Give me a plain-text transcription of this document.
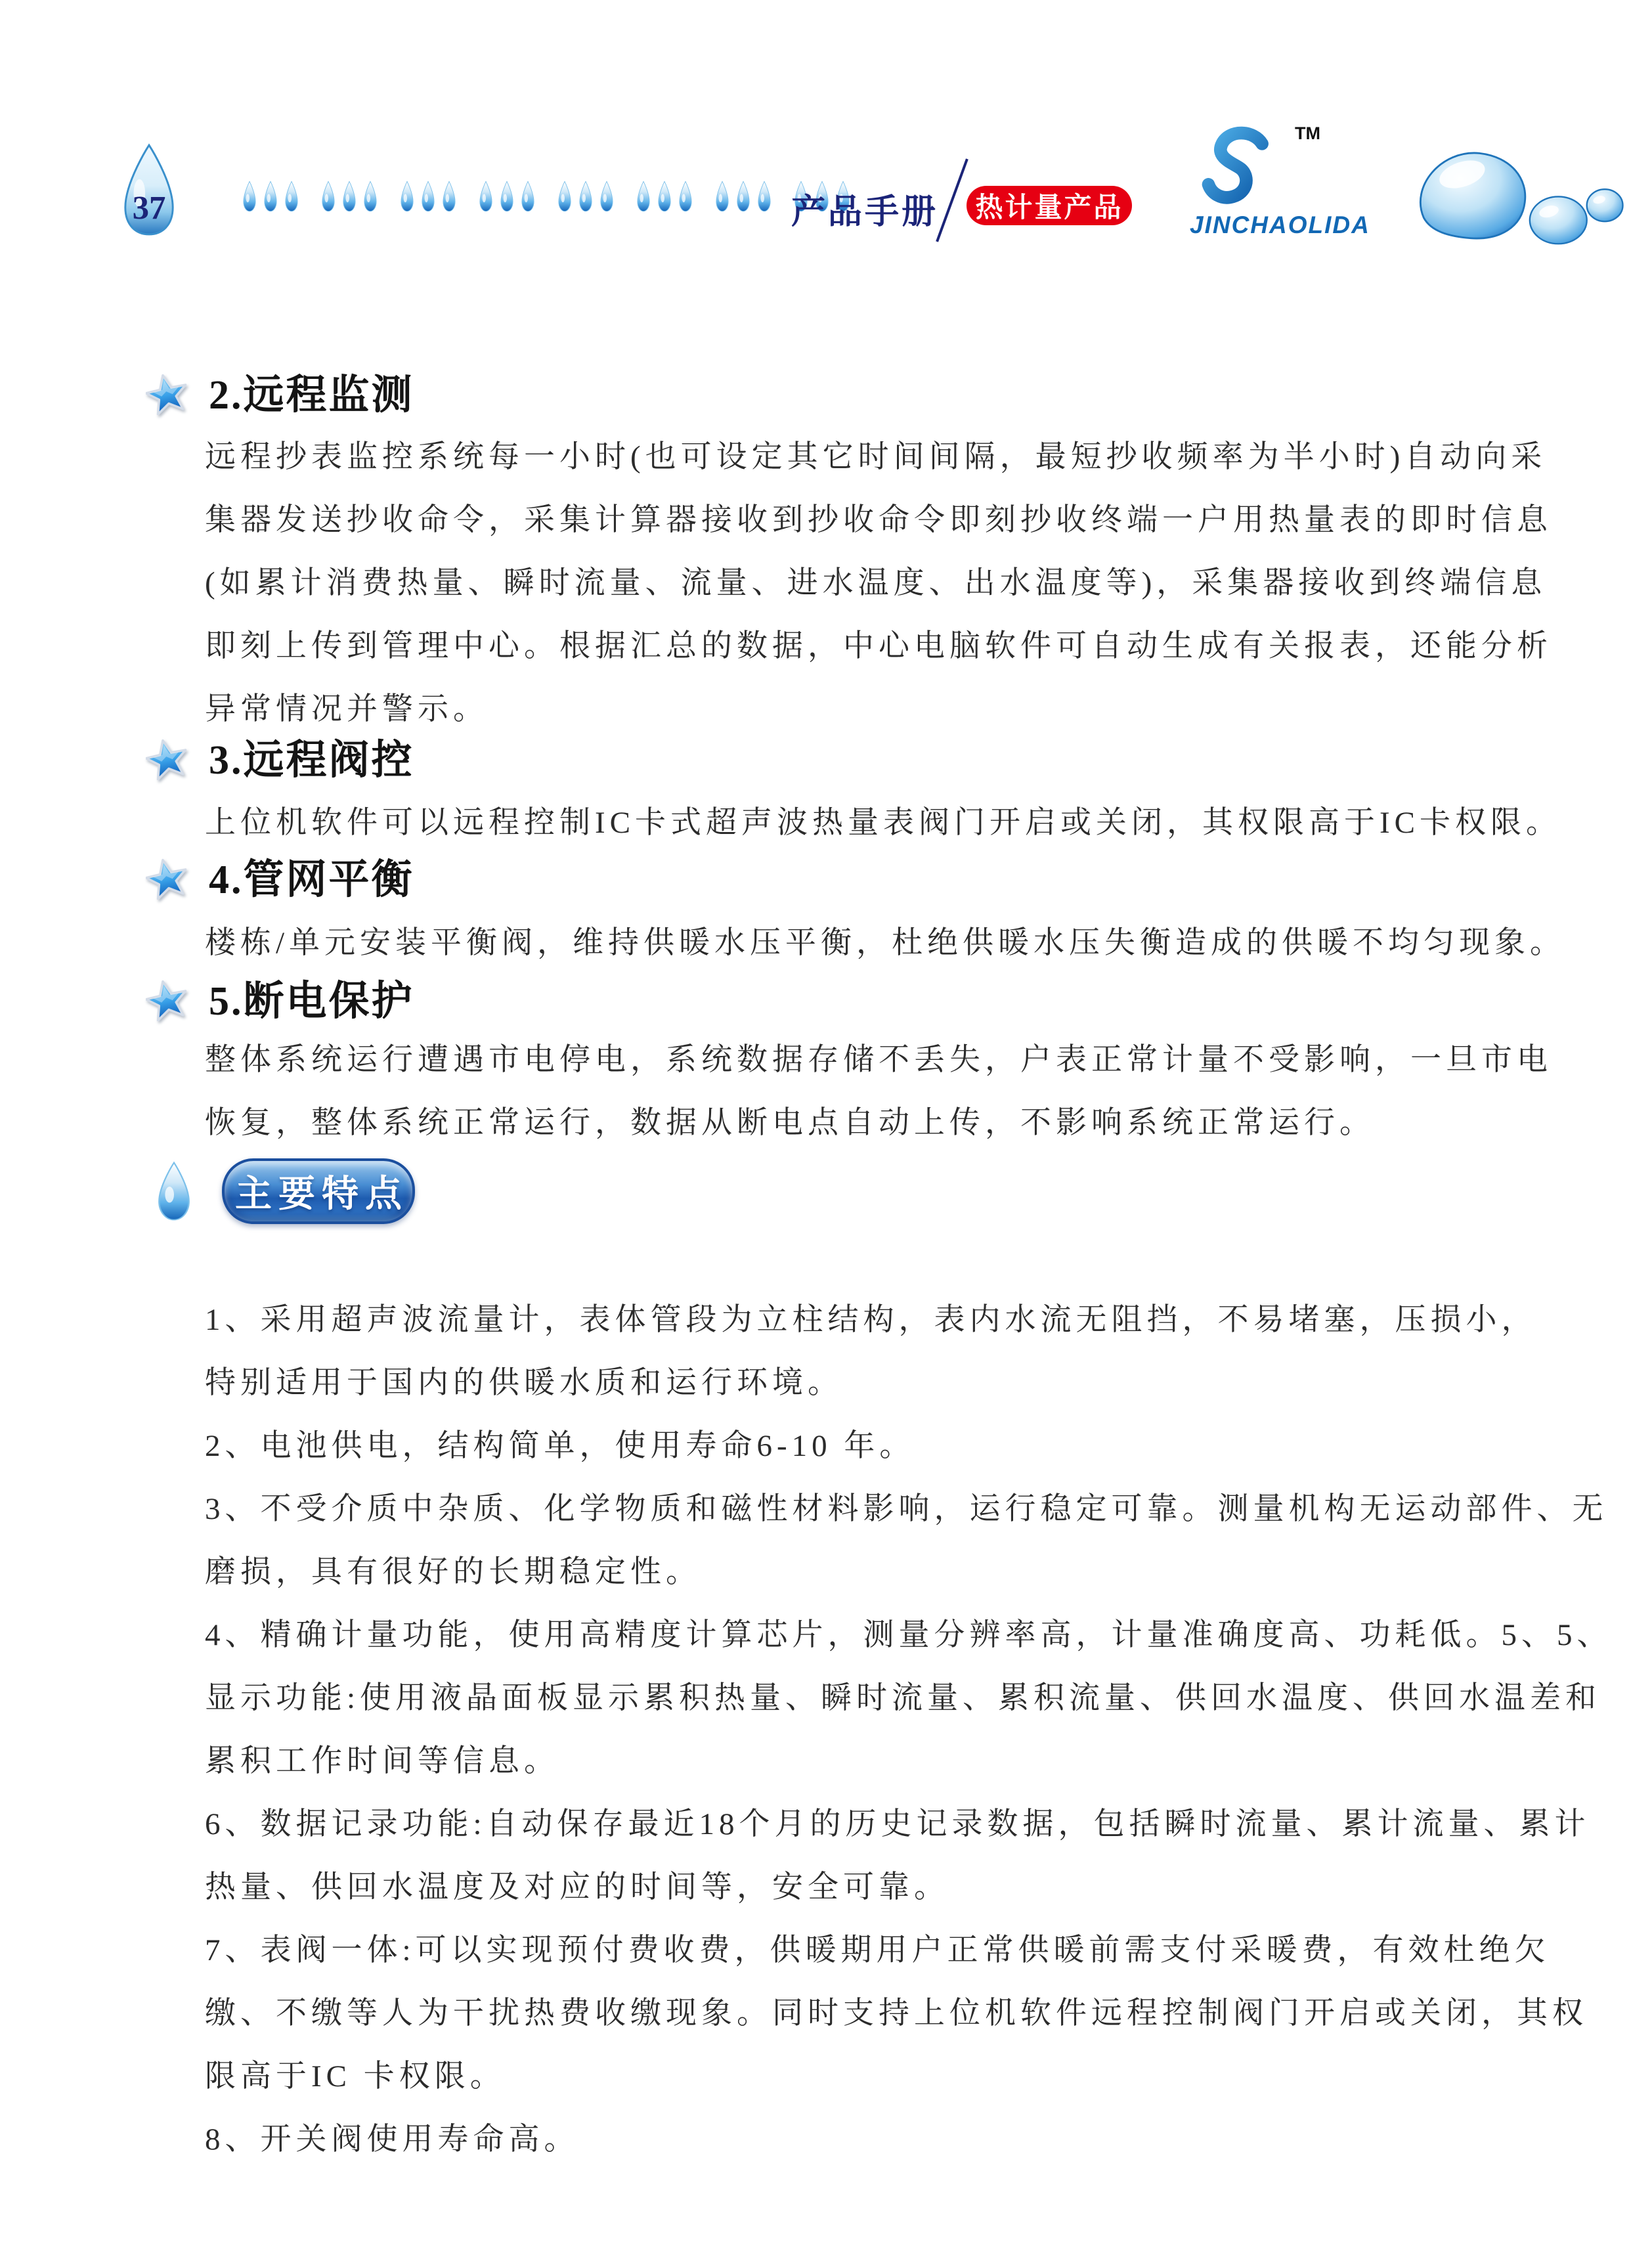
37	产品手册 热计量产品
TM
JINCHAOLIDA
2.远程监测
远程抄表监控系统每一小时(也可设定其它时间间隔，最短抄收频率为半小时)自动向采
集器发送抄收命令，采集计算器接收到抄收命令即刻抄收终端一户用热量表的即时信息
(如累计消费热量、瞬时流量、流量、进水温度、出水温度等)，采集器接收到终端信息
即刻上传到管理中心。根据汇总的数据，中心电脑软件可自动生成有关报表，还能分析
异常情况并警示。
3.远程阀控
上位机软件可以远程控制IC卡式超声波热量表阀门开启或关闭，其权限高于IC卡权限。
4.管网平衡
楼栋/单元安装平衡阀，维持供暖水压平衡，杜绝供暖水压失衡造成的供暖不均匀现象。
5.断电保护
整体系统运行遭遇市电停电，系统数据存储不丢失，户表正常计量不受影响，一旦市电
恢复，整体系统正常运行，数据从断电点自动上传，不影响系统正常运行。
主要特点
1、采用超声波流量计，表体管段为立柱结构，表内水流无阻挡，不易堵塞，压损小，
特别适用于国内的供暖水质和运行环境。
2、电池供电，结构简单，使用寿命6-10 年。
3、不受介质中杂质、化学物质和磁性材料影响，运行稳定可靠。测量机构无运动部件、无
磨损，具有很好的长期稳定性。
4、精确计量功能，使用高精度计算芯片，测量分辨率高，计量准确度高、功耗低。5、5、
显示功能:使用液晶面板显示累积热量、瞬时流量、累积流量、供回水温度、供回水温差和
累积工作时间等信息。
6、数据记录功能:自动保存最近18个月的历史记录数据，包括瞬时流量、累计流量、累计
热量、供回水温度及对应的时间等，安全可靠。
7、表阀一体:可以实现预付费收费，供暖期用户正常供暖前需支付采暖费，有效杜绝欠
缴、不缴等人为干扰热费收缴现象。同时支持上位机软件远程控制阀门开启或关闭，其权
限高于IC 卡权限。
8、开关阀使用寿命高。
